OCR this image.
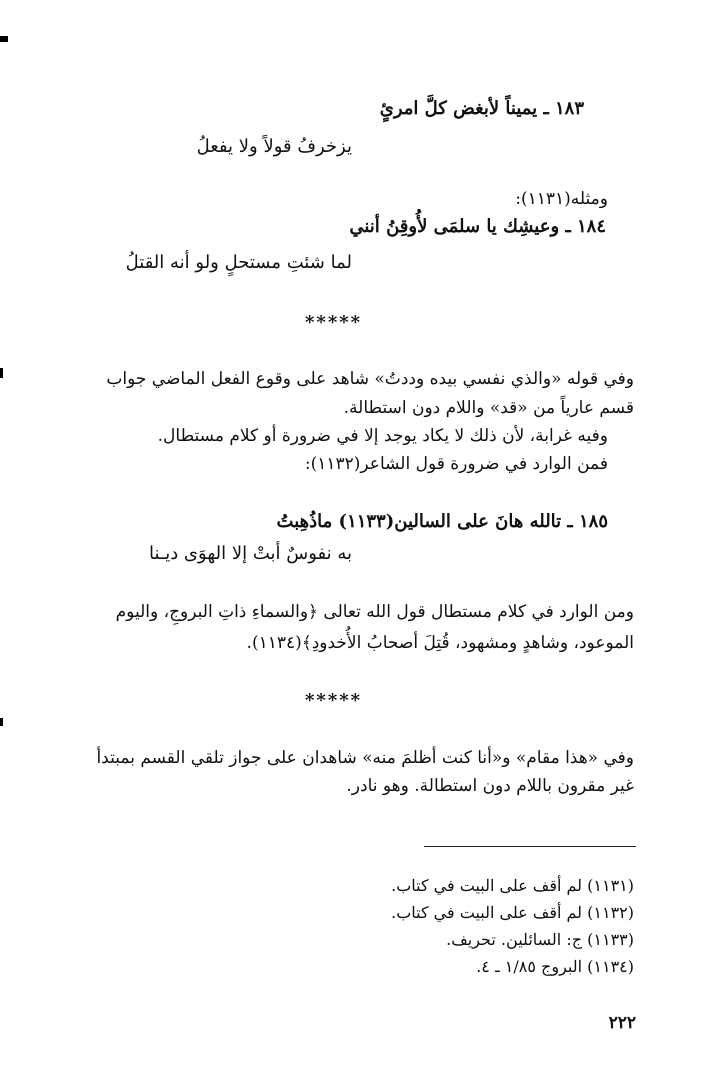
١٨٣ ـ يميناً لأبغض كلَّ امرئٍ
يزخرفُ قولاً ولا يفعلُ
ومثله(١١٣١):
١٨٤ ـ وعيشِك يا سلمَى لأُوقِنُ أنني
لما شئتِ مستحلٍ ولو أنه القتلُ
*****
وفي قوله «والذي نفسي بيده وددتُ» شاهد على وقوع الفعل الماضي جواب
قسم عارياً من «قد» واللام دون استطالة.
وفيه غرابة، لأن ذلك لا يكاد يوجد إلا في ضرورة أو كلام مستطال.
فمن الوارد في ضرورة قول الشاعر(١١٣٢):
١٨٥ ـ تالله هانَ على السالين(١١٣٣) ماذُهِبتُ
به نفوسٌ أبتْ إلا الهوَى ديـنا
ومن الوارد في كلام مستطال قول الله تعالى ﴿والسماءِ ذاتِ البروجِ، واليوم
الموعود، وشاهدٍ ومشهود، قُتِلَ أصحابُ الأُخدودِ﴾(١١٣٤).
*****
وفي «هذا مقام» و«أنا كنت أظلمَ منه» شاهدان على جواز تلقي القسم بمبتدأ
غير مقرون باللام دون استطالة. وهو نادر.
(١١٣١) لم أقف على البيت في كتاب.
(١١٣٢) لم أقف على البيت في كتاب.
(١١٣٣) ج: السائلين. تحريف.
(١١٣٤) البروج ١/٨٥ ـ ٤.
٢٢٢
